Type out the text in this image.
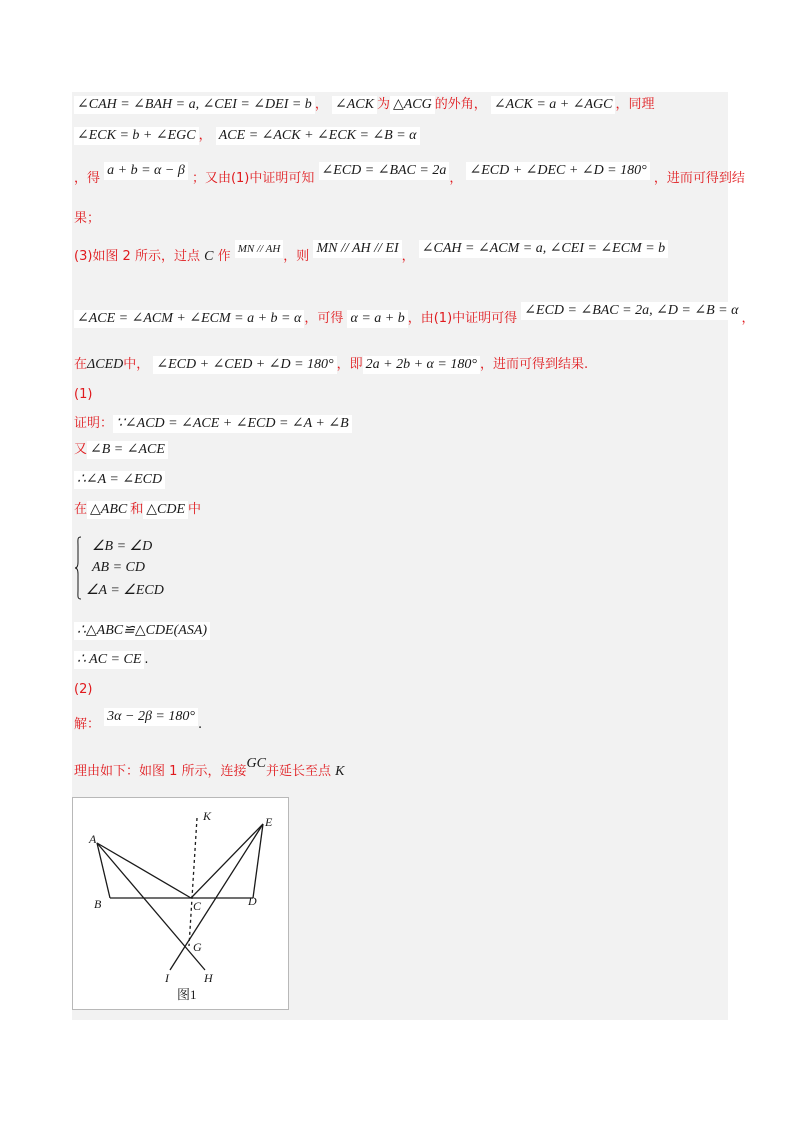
∠CAH = ∠BAH = a, ∠CEI = ∠DEI = b ， ∠ACK 为 △ACG 的外角， ∠ACK = a + ∠AGC ，同理
∠ECK = b + ∠EGC ， ACE = ∠ACK + ∠ECK = ∠B = α
，得 a + b = α − β ；又由(1)中证明可知 ∠ECD = ∠BAC = 2a， ∠ECD + ∠DEC + ∠D = 180° ，进而可得到结
果；
(3)如图 2 所示，过点 C 作 MN // AH ，则 MN // AH // EI， ∠CAH = ∠ACM = a, ∠CEI = ∠ECM = b
∠ACE = ∠ACM + ∠ECM = a + b = α ，可得 α = a + b ，由(1)中证明可得 ∠ECD = ∠BAC = 2a, ∠D = ∠B = α，
在ΔCED中， ∠ECD + ∠CED + ∠D = 180° ，即 2a + 2b + α = 180° ，进而可得到结果.
(1)
证明： ∵∠ACD = ∠ACE + ∠ECD = ∠A + ∠B
又 ∠B = ∠ACE
∴∠A = ∠ECD
在 △ABC 和 △CDE 中
∠B = ∠D
AB = CD
∠A = ∠ECD
∴△ABC≌△CDE(ASA)
∴ AC = CE .
(2)
解： 3α − 2β = 180°.
理由如下：如图 1 所示，连接GC并延长至点 K
A
B	C	D
E
G
H
I
K
图1
